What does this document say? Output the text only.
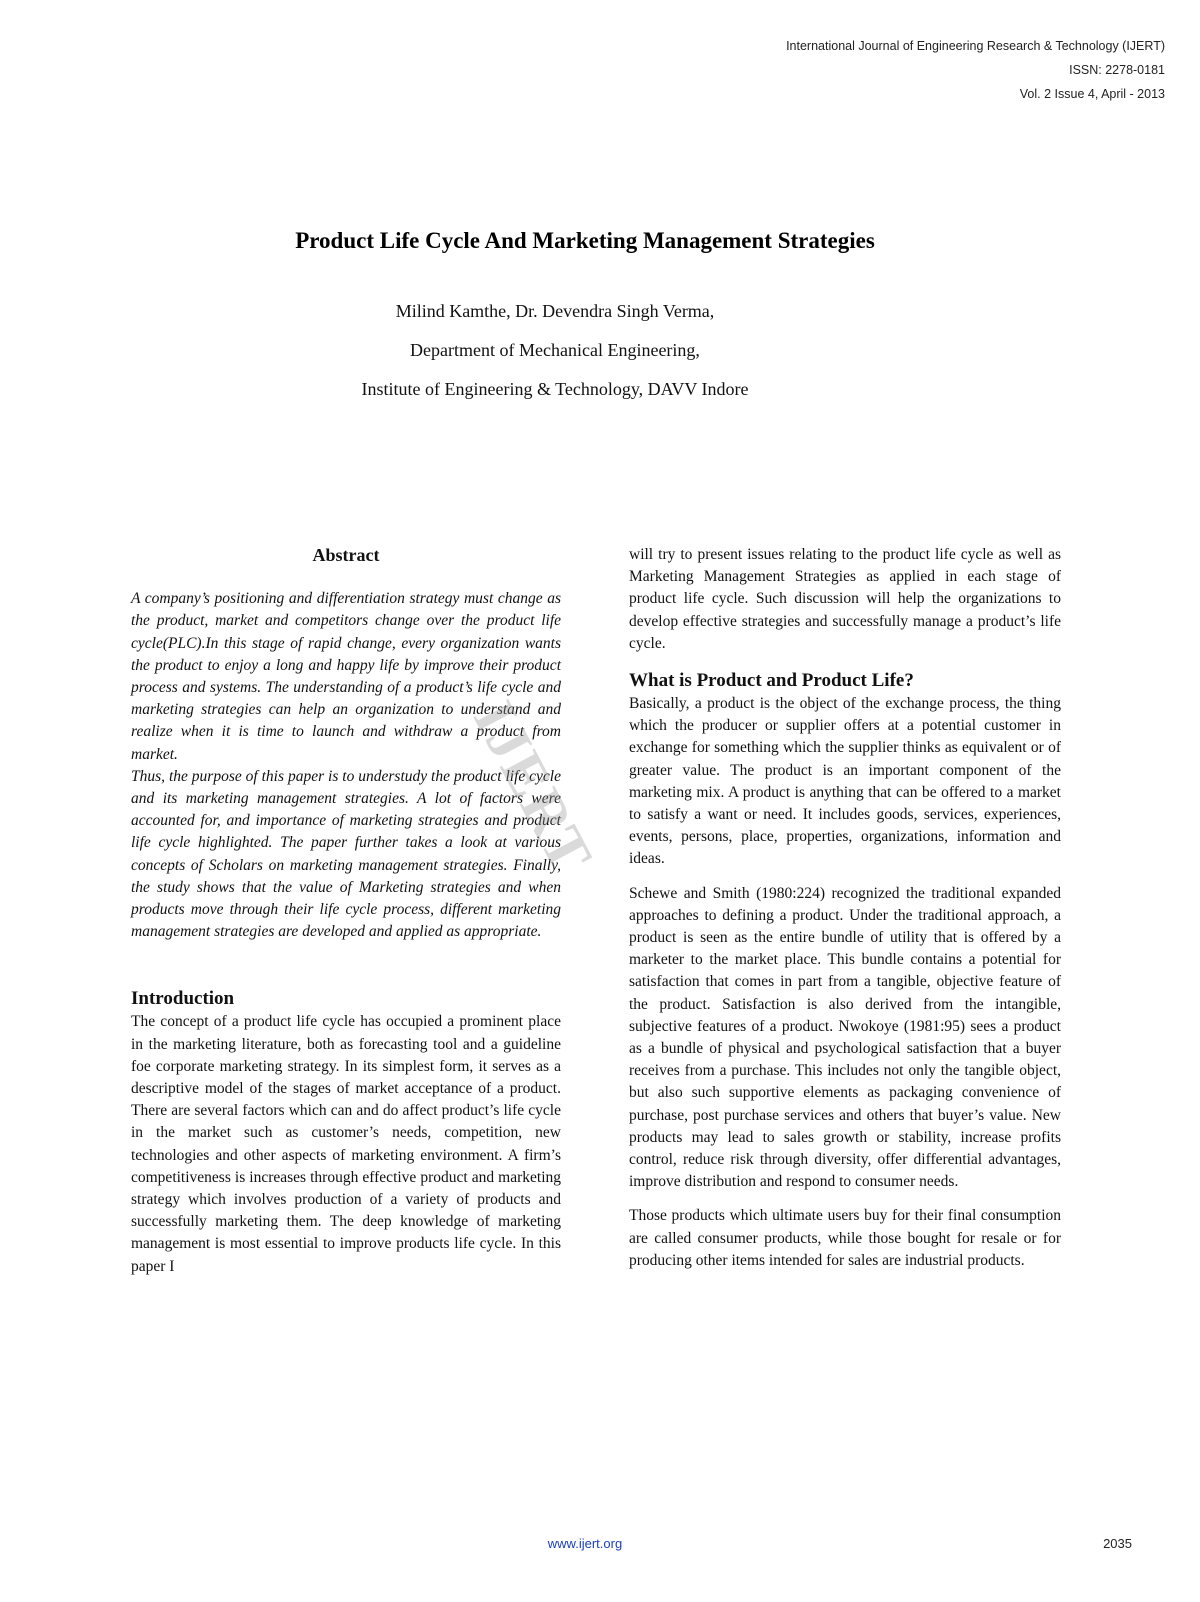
International Journal of Engineering Research & Technology (IJERT)
ISSN: 2278-0181
Vol. 2 Issue 4, April - 2013
Product Life Cycle And Marketing Management Strategies
Milind Kamthe, Dr. Devendra Singh Verma,
Department of Mechanical Engineering,
Institute of Engineering & Technology, DAVV Indore
Abstract

A company’s positioning and differentiation strategy must change as the product, market and competitors change over the product life cycle(PLC).In this stage of rapid change, every organization wants the product to enjoy a long and happy life by improve their product process and systems. The understanding of a product’s life cycle and marketing strategies can help an organization to understand and realize when it is time to launch and withdraw a product from market.

Thus, the purpose of this paper is to understudy the product life cycle and its marketing management strategies. A lot of factors were accounted for, and importance of marketing strategies and product life cycle highlighted. The paper further takes a look at various concepts of Scholars on marketing management strategies. Finally, the study shows that the value of Marketing strategies and when products move through their life cycle process, different marketing management strategies are developed and applied as appropriate.

Introduction

The concept of a product life cycle has occupied a prominent place in the marketing literature, both as forecasting tool and a guideline foe corporate marketing strategy. In its simplest form, it serves as a descriptive model of the stages of market acceptance of a product. There are several factors which can and do affect product’s life cycle in the market such as customer’s needs, competition, new technologies and other aspects of marketing environment. A firm’s competitiveness is increases through effective product and marketing strategy which involves production of a variety of products and successfully marketing them. The deep knowledge of marketing management is most essential to improve products life cycle. In this paper I

will try to present issues relating to the product life cycle as well as Marketing Management Strategies as applied in each stage of product life cycle. Such discussion will help the organizations to develop effective strategies and successfully manage a product’s life cycle.

What is Product and Product Life?

Basically, a product is the object of the exchange process, the thing which the producer or supplier offers at a potential customer in exchange for something which the supplier thinks as equivalent or of greater value. The product is an important component of the marketing mix. A product is anything that can be offered to a market to satisfy a want or need. It includes goods, services, experiences, events, persons, place, properties, organizations, information and ideas.

Schewe and Smith (1980:224) recognized the traditional expanded approaches to defining a product. Under the traditional approach, a product is seen as the entire bundle of utility that is offered by a marketer to the market place. This bundle contains a potential for satisfaction that comes in part from a tangible, objective feature of the product. Satisfaction is also derived from the intangible, subjective features of a product. Nwokoye (1981:95) sees a product as a bundle of physical and psychological satisfaction that a buyer receives from a purchase. This includes not only the tangible object, but also such supportive elements as packaging convenience of purchase, post purchase services and others that buyer’s value. New products may lead to sales growth or stability, increase profits control, reduce risk through diversity, offer differential advantages, improve distribution and respond to consumer needs.

Those products which ultimate users buy for their final consumption are called consumer products, while those bought for resale or for producing other items intended for sales are industrial products.

IJERT
www.ijert.org	2035
